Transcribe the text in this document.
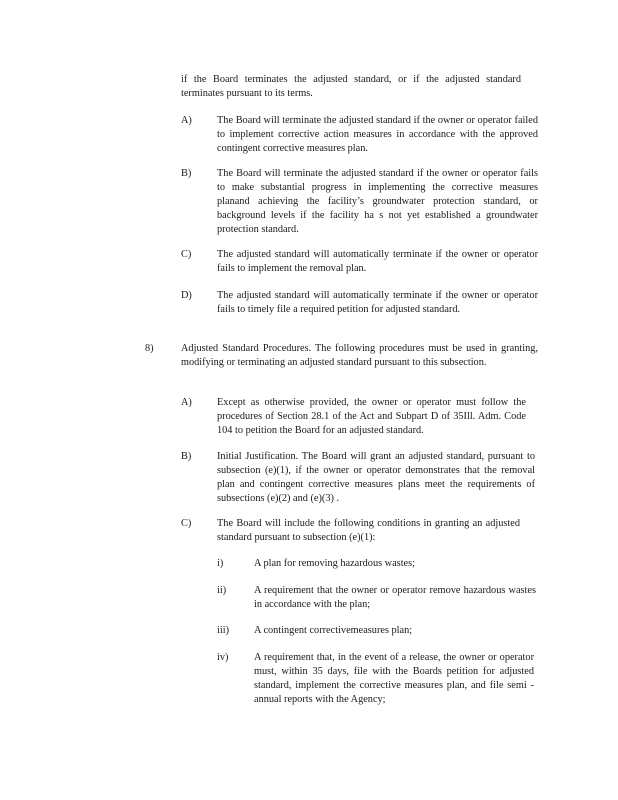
if the Board terminates the adjusted standard, or if the adjusted standard terminates pursuant to its terms.
A) The Board will terminate the adjusted standard if the owner or operator failed to implement corrective action measures in accordance with the approved contingent corrective measures plan.
B) The Board will terminate the adjusted standard if the owner or operator fails to make substantial progress in implementing the corrective measures planand achieving the facility’s groundwater protection standard, or background levels if the facility ha s not yet established a groundwater protection standard.
C) The adjusted standard will automatically terminate if the owner or operator fails to implement the removal plan.
D) The adjusted standard will automatically terminate if the owner or operator fails to timely file a required petition for adjusted standard.
8)	Adjusted Standard Procedures. The following procedures must be used in granting, modifying or terminating an adjusted standard pursuant to this subsection.
A) Except as otherwise provided, the owner or operator must follow the procedures of Section 28.1 of the Act and Subpart D of 35Ill. Adm. Code 104 to petition the Board for an adjusted standard.
B) Initial Justification. The Board will grant an adjusted standard, pursuant to subsection (e)(1), if the owner or operator demonstrates that the removal plan and contingent corrective measures plans meet the requirements of subsections (e)(2) and (e)(3) .
C) The Board will include the following conditions in granting an adjusted standard pursuant to subsection (e)(1):
i)	A plan for removing hazardous wastes;
ii)	A requirement that the owner or operator remove hazardous wastes in accordance with the plan;
iii) A contingent correctivemeasures plan;
iv) A requirement that, in the event of a release, the owner or operator must, within 35 days, file with the Boards petition for adjusted standard, implement the corrective measures plan, and file semi -annual reports with the Agency;
